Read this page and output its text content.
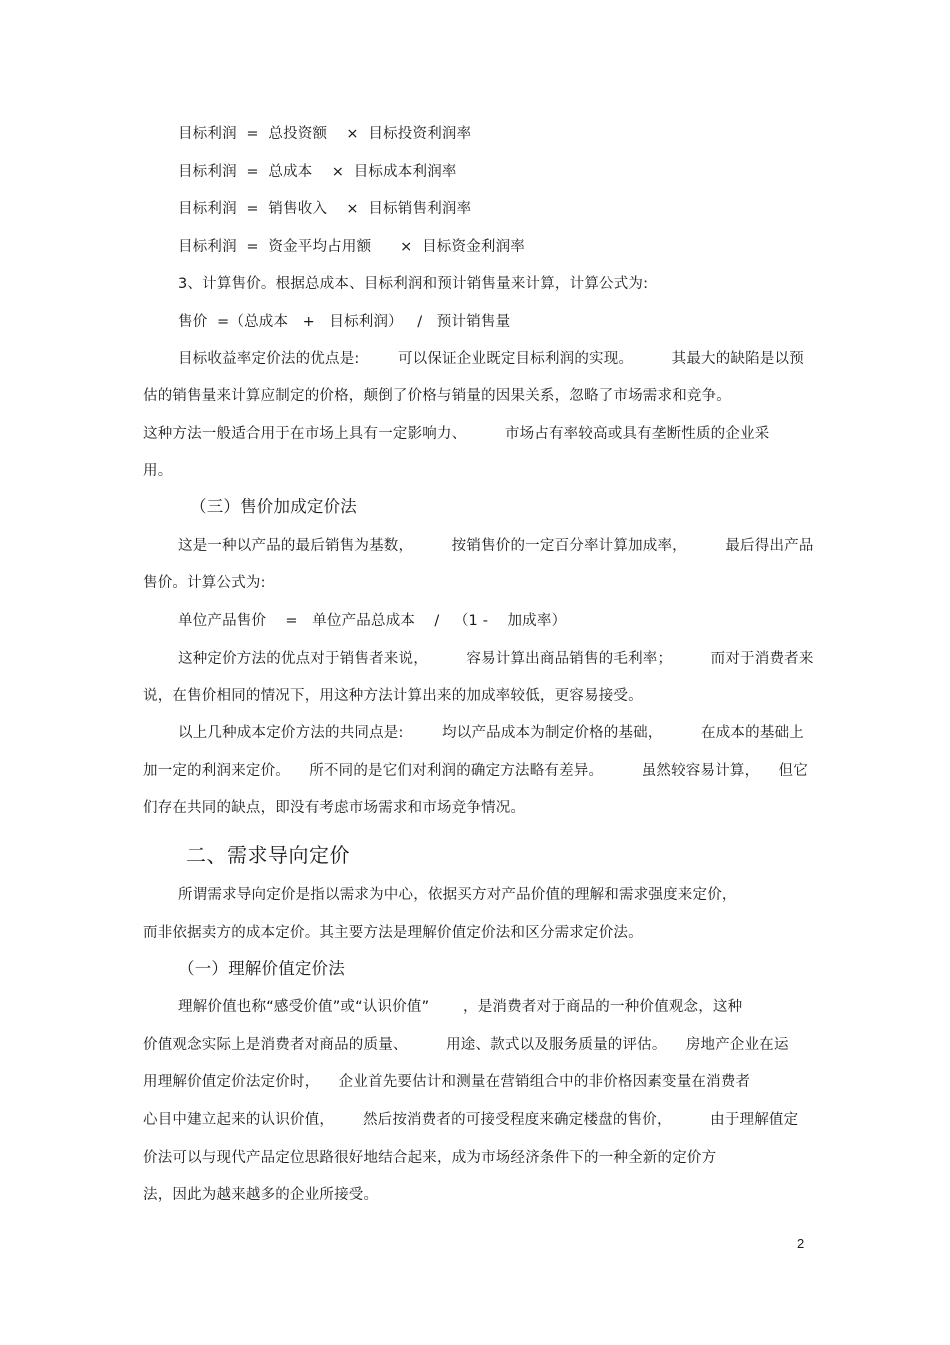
目标利润  =  总投资额    ×  目标投资利润率
目标利润  =  总成本    ×  目标成本利润率
目标利润  =  销售收入    ×  目标销售利润率
目标利润  =  资金平均占用额      ×  目标资金利润率
3、计算售价。根据总成本、目标利润和预计销售量来计算，计算公式为:
售价  =（总成本   +   目标利润）   /   预计销售量
目标收益率定价法的优点是:        可以保证企业既定目标利润的实现。        其最大的缺陷是以预
估的销售量来计算应制定的价格，颠倒了价格与销量的因果关系，忽略了市场需求和竞争。
这种方法一般适合用于在市场上具有一定影响力、        市场占有率较高或具有垄断性质的企业采
用。
（三）售价加成定价法
这是一种以产品的最后销售为基数，        按销售价的一定百分率计算加成率，        最后得出产品
售价。计算公式为:
单位产品售价    =   单位产品总成本    /   （1 -    加成率）
这种定价方法的优点对于销售者来说，        容易计算出商品销售的毛利率；        而对于消费者来
说，在售价相同的情况下，用这种方法计算出来的加成率较低，更容易接受。
以上几种成本定价方法的共同点是:        均以产品成本为制定价格的基础，        在成本的基础上
加一定的利润来定价。    所不同的是它们对利润的确定方法略有差异。        虽然较容易计算，    但它
们存在共同的缺点，即没有考虑市场需求和市场竞争情况。
二、需求导向定价
所谓需求导向定价是指以需求为中心，依据买方对产品价值的理解和需求强度来定价，
而非依据卖方的成本定价。其主要方法是理解价值定价法和区分需求定价法。
（一）理解价值定价法
理解价值也称“感受价值”或“认识价值”       ，是消费者对于商品的一种价值观念，这种
价值观念实际上是消费者对商品的质量、        用途、款式以及服务质量的评估。    房地产企业在运
用理解价值定价法定价时，    企业首先要估计和测量在营销组合中的非价格因素变量在消费者
心目中建立起来的认识价值，      然后按消费者的可接受程度来确定楼盘的售价，        由于理解值定
价法可以与现代产品定位思路很好地结合起来，成为市场经济条件下的一种全新的定价方
法，因此为越来越多的企业所接受。
2
